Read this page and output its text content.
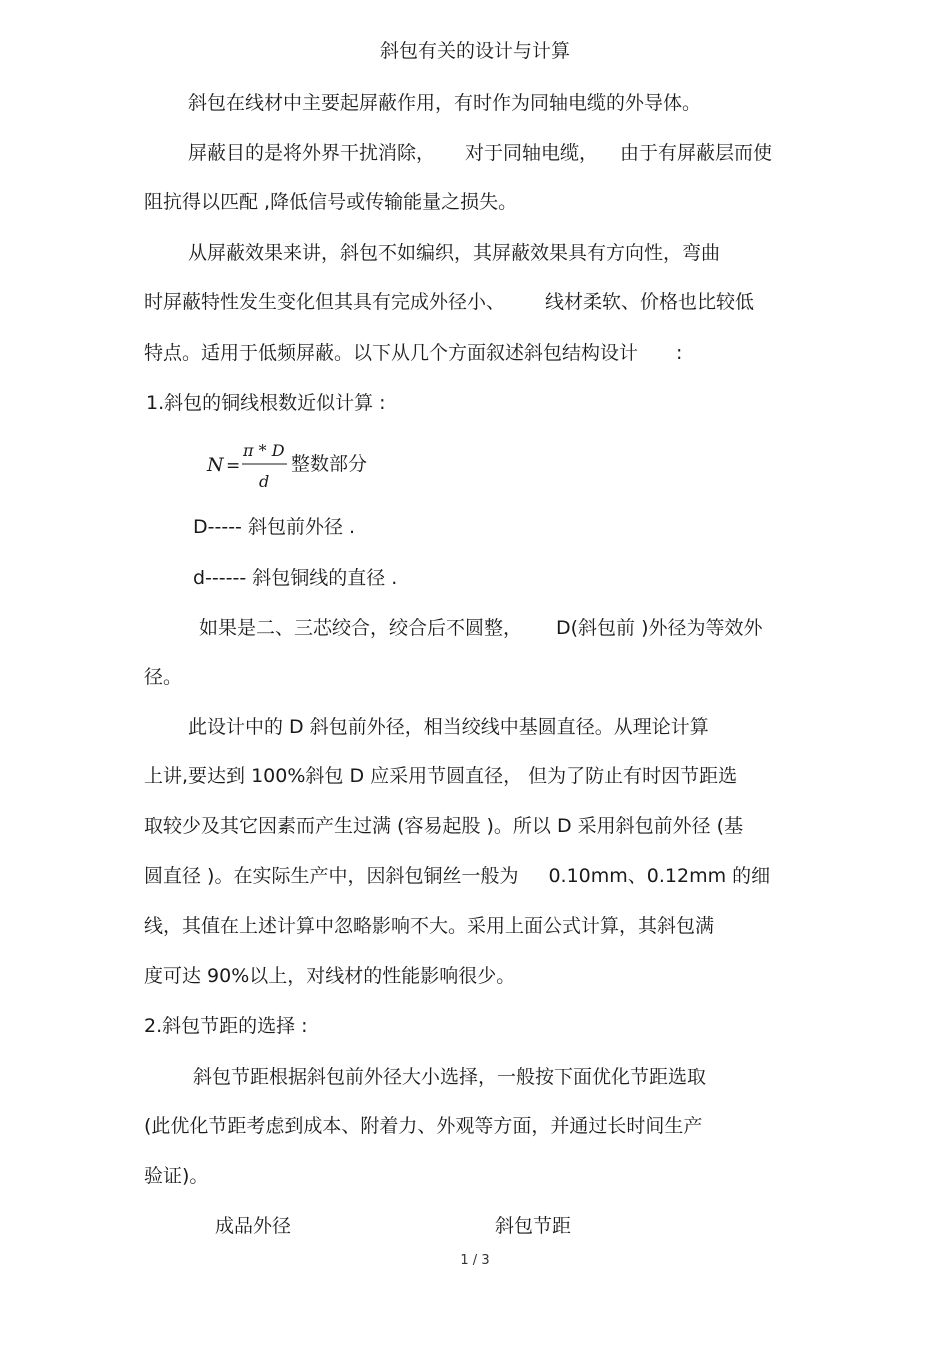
斜包有关的设计与计算
斜包在线材中主要起屏蔽作用，有时作为同轴电缆的外导体。
屏蔽目的是将外界干扰消除， 对于同轴电缆， 由于有屏蔽层而使
阻抗得以匹配 ,降低信号或传输能量之损失。
从屏蔽效果来讲，斜包不如编织，其屏蔽效果具有方向性，弯曲
时屏蔽特性发生变化但其具有完成外径小、 线材柔软、价格也比较低
特点。适用于低频屏蔽。以下从几个方面叙述斜包结构设计 :
1.斜包的铜线根数近似计算 :
N =
π * D
d
整数部分
D----- 斜包前外径 .
d------ 斜包铜线的直径 .
如果是二、三芯绞合，绞合后不圆整， D(斜包前 )外径为等效外
径。
此设计中的 D 斜包前外径，相当绞线中基圆直径。从理论计算
上讲,要达到 100%斜包 D 应采用节圆直径， 但为了防止有时因节距选
取较少及其它因素而产生过满 (容易起股 )。所以 D 采用斜包前外径 (基
圆直径 )。在实际生产中，因斜包铜丝一般为 0.10mm、0.12mm 的细
线，其值在上述计算中忽略影响不大。采用上面公式计算，其斜包满
度可达 90%以上，对线材的性能影响很少。
2.斜包节距的选择 :
斜包节距根据斜包前外径大小选择，一般按下面优化节距选取
(此优化节距考虑到成本、附着力、外观等方面，并通过长时间生产
验证)。
成品外径	斜包节距
1 / 3
